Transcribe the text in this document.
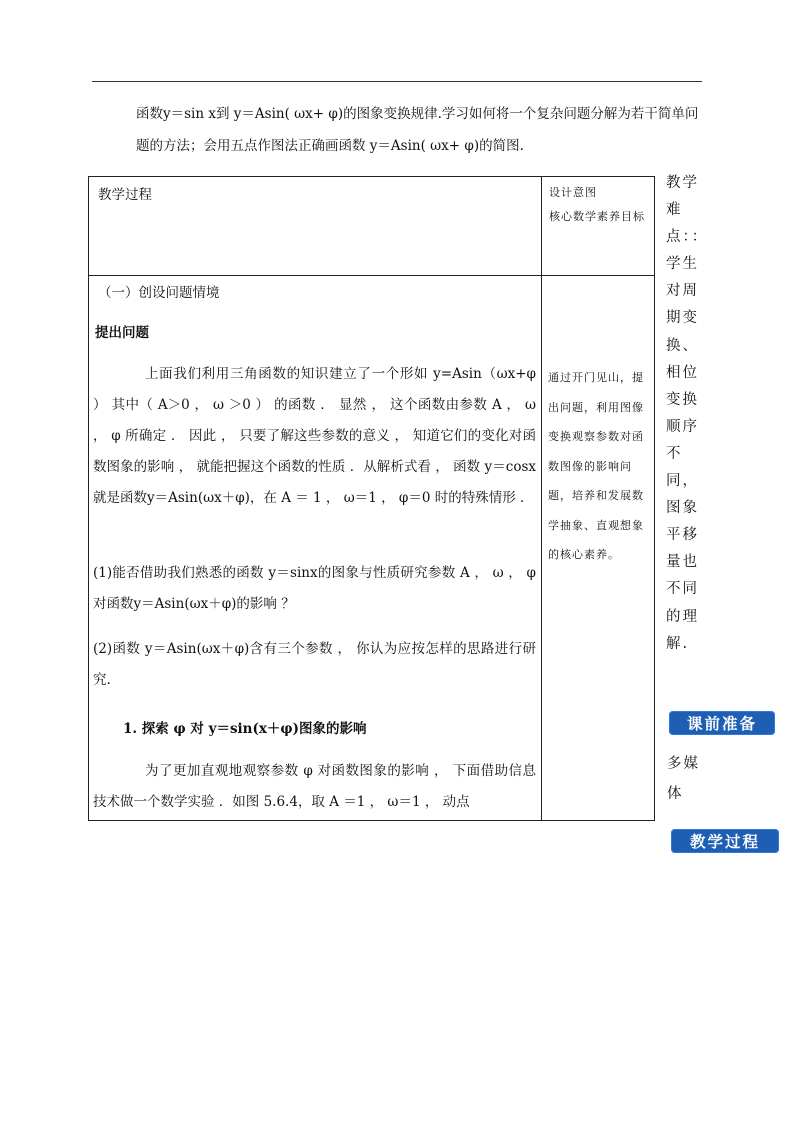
函数y＝sin x到 y＝Asin( ωx+ φ)的图象变换规律.学习如何将一个复杂问题分解为若干简单问
题的方法；会用五点作图法正确画函数 y＝Asin( ωx+ φ)的简图.
教学过程	设计意图
核心数学素养目标
（一）创设问题情境
提出问题
上面我们利用三角函数的知识建立了一个形如 y=Asin（ωx+φ ） 其中（ A＞0 ， ω ＞0 ） 的函数 ． 显然 ， 这个函数由参数 A ， ω ， φ 所确定 ． 因此 ， 只要了解这些参数的意义 ， 知道它们的变化对函数图象的影响 ， 就能把握这个函数的性质 ．从解析式看 ， 函数 y＝cosx就是函数y＝Asin(ωx＋φ)，在 A ＝ 1 ， ω＝1 ， φ＝0 时的特殊情形 ．
(1)能否借助我们熟悉的函数 y＝sinx的图象与性质研究参数 A ， ω ， φ 对函数y＝Asin(ωx＋φ)的影响 ？
(2)函数 y＝Asin(ωx＋φ)含有三个参数 ， 你认为应按怎样的思路进行研究.
1. 探索 φ 对 y＝sin(x＋φ)图象的影响
为了更加直观地观察参数 φ 对函数图象的影响 ， 下面借助信息技术做一个数学实验 ．如图 5.6.4，取 A ＝1 ， ω＝1 ， 动点
通过开门见山，提出问题，利用图像变换观察参数对函数图像的影响问题，培养和发展数学抽象、直观想象的核心素养。
教学难点：：学生对周期变换、相位变换顺序不同，图象平移量也不同的理解.
课前准备
多媒体
教学过程
